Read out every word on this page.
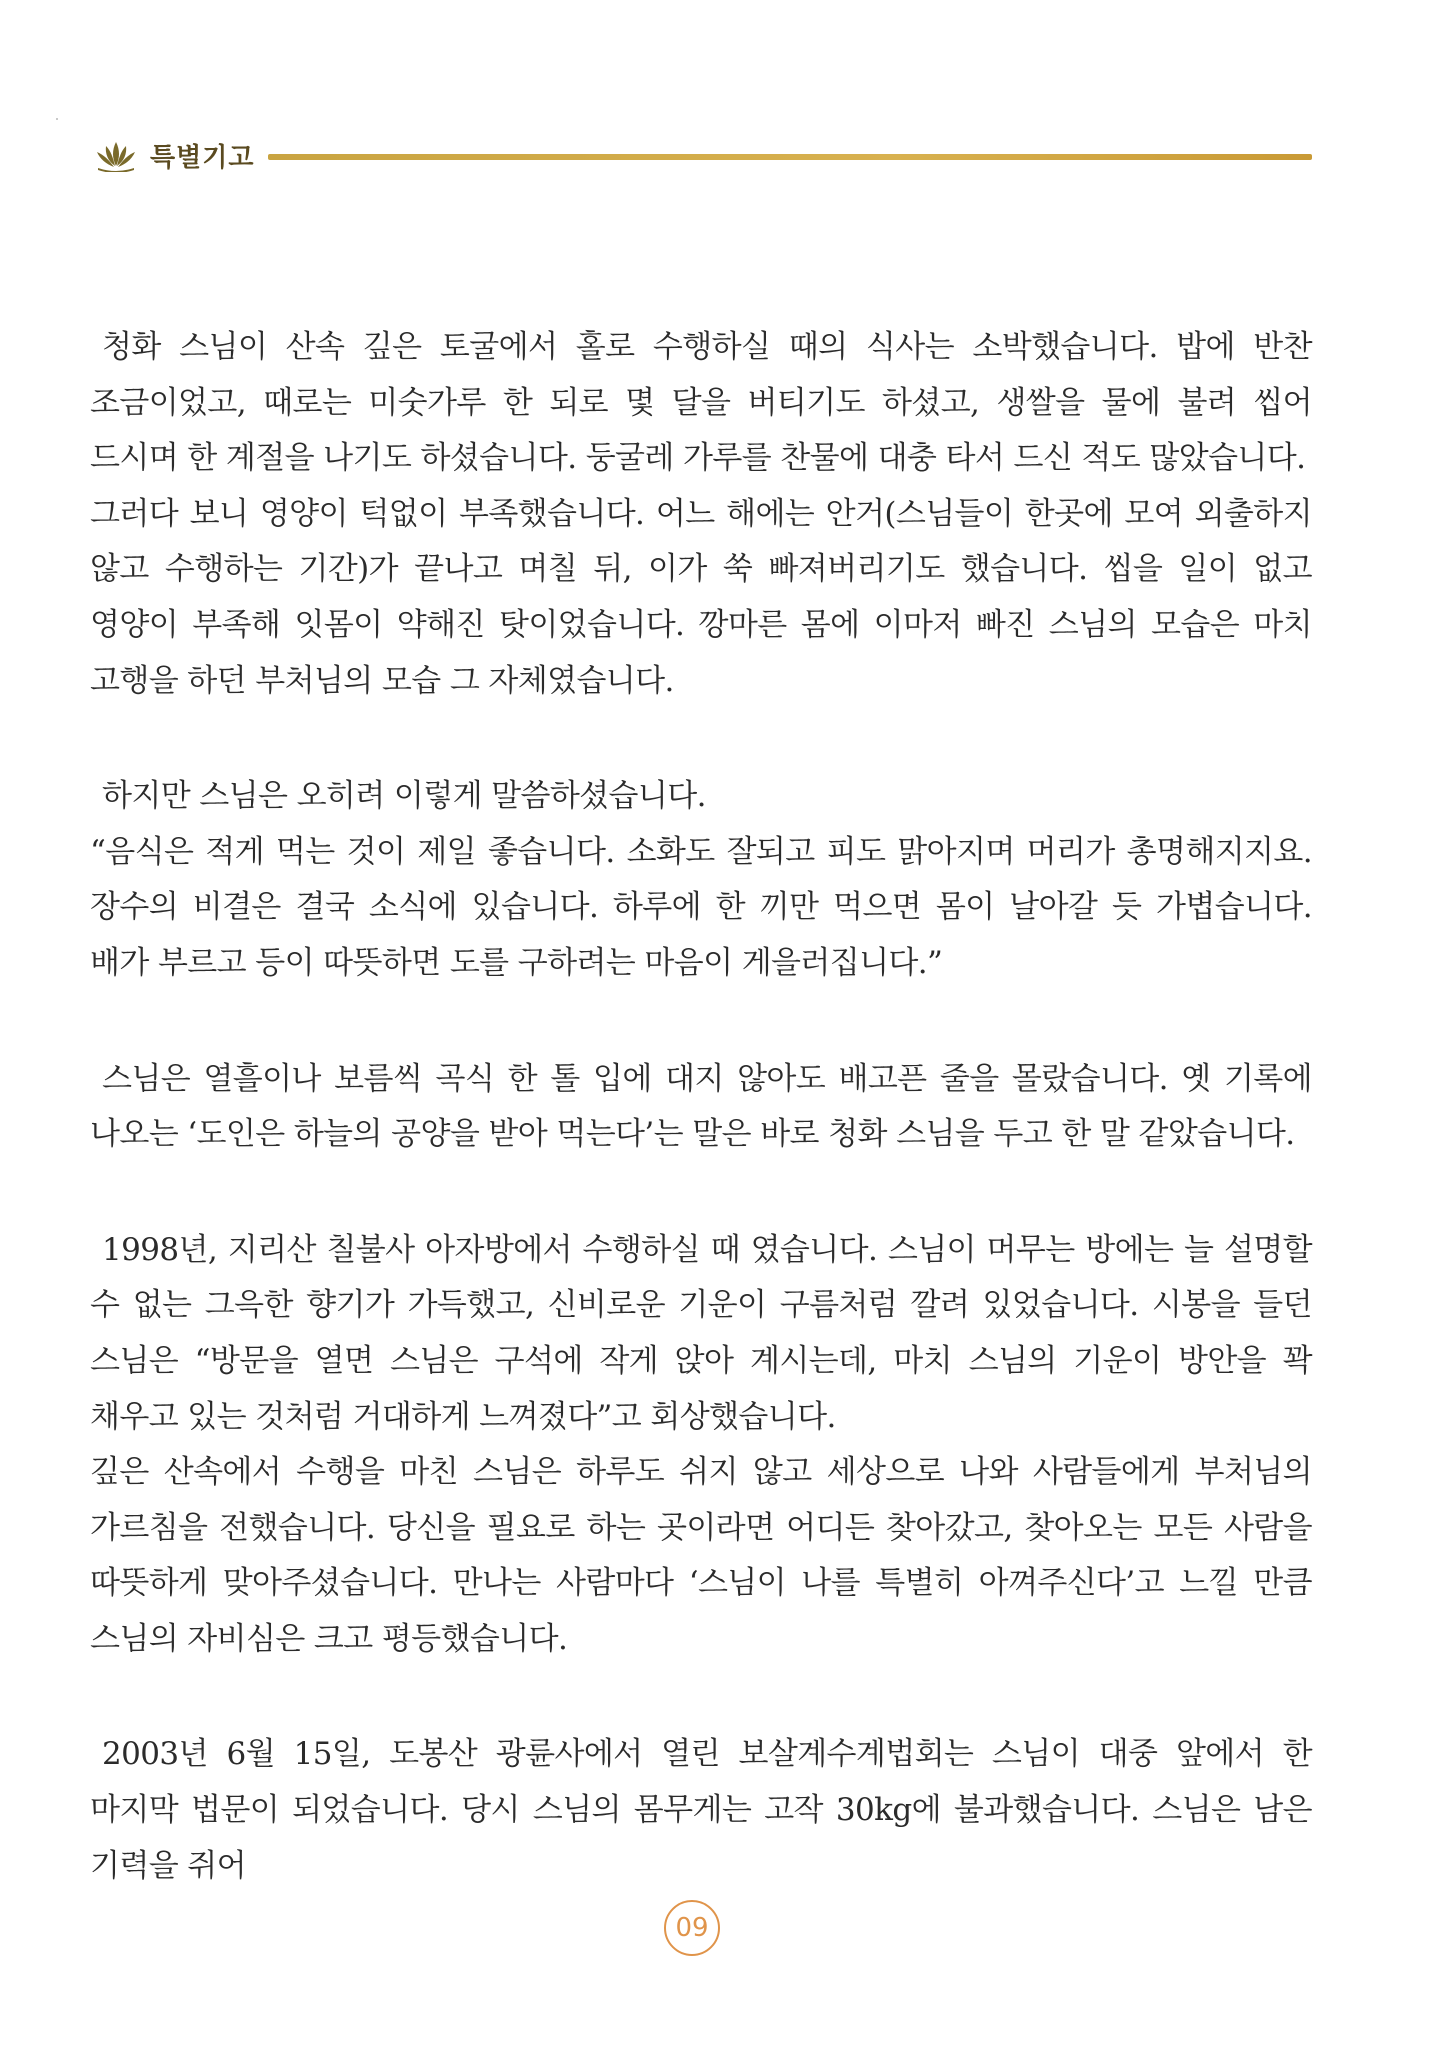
특별기고

청화 스님이 산속 깊은 토굴에서 홀로 수행하실 때의 식사는 소박했습니다. 밥에 반찬 조금이었고, 때로는 미숫가루 한 되로 몇 달을 버티기도 하셨고, 생쌀을 물에 불려 씹어 드시며 한 계절을 나기도 하셨습니다. 둥굴레 가루를 찬물에 대충 타서 드신 적도 많았습니다.

그러다 보니 영양이 턱없이 부족했습니다. 어느 해에는 안거(스님들이 한곳에 모여 외출하지 않고 수행하는 기간)가 끝나고 며칠 뒤, 이가 쑥 빠져버리기도 했습니다. 씹을 일이 없고 영양이 부족해 잇몸이 약해진 탓이었습니다. 깡마른 몸에 이마저 빠진 스님의 모습은 마치 고행을 하던 부처님의 모습 그 자체였습니다.

하지만 스님은 오히려 이렇게 말씀하셨습니다.

“음식은 적게 먹는 것이 제일 좋습니다. 소화도 잘되고 피도 맑아지며 머리가 총명해지지요. 장수의 비결은 결국 소식에 있습니다. 하루에 한 끼만 먹으면 몸이 날아갈 듯 가볍습니다. 배가 부르고 등이 따뜻하면 도를 구하려는 마음이 게을러집니다.”

스님은 열흘이나 보름씩 곡식 한 톨 입에 대지 않아도 배고픈 줄을 몰랐습니다. 옛 기록에 나오는 ‘도인은 하늘의 공양을 받아 먹는다’는 말은 바로 청화 스님을 두고 한 말 같았습니다.

1998년, 지리산 칠불사 아자방에서 수행하실 때 였습니다. 스님이 머무는 방에는 늘 설명할 수 없는 그윽한 향기가 가득했고, 신비로운 기운이 구름처럼 깔려 있었습니다. 시봉을 들던 스님은 “방문을 열면 스님은 구석에 작게 앉아 계시는데, 마치 스님의 기운이 방안을 꽉 채우고 있는 것처럼 거대하게 느껴졌다”고 회상했습니다.

깊은 산속에서 수행을 마친 스님은 하루도 쉬지 않고 세상으로 나와 사람들에게 부처님의 가르침을 전했습니다. 당신을 필요로 하는 곳이라면 어디든 찾아갔고, 찾아오는 모든 사람을 따뜻하게 맞아주셨습니다. 만나는 사람마다 ‘스님이 나를 특별히 아껴주신다’고 느낄 만큼 스님의 자비심은 크고 평등했습니다.

2003년 6월 15일, 도봉산 광륜사에서 열린 보살계수계법회는 스님이 대중 앞에서 한 마지막 법문이 되었습니다. 당시 스님의 몸무게는 고작 30kg에 불과했습니다. 스님은 남은 기력을 쥐어

09
